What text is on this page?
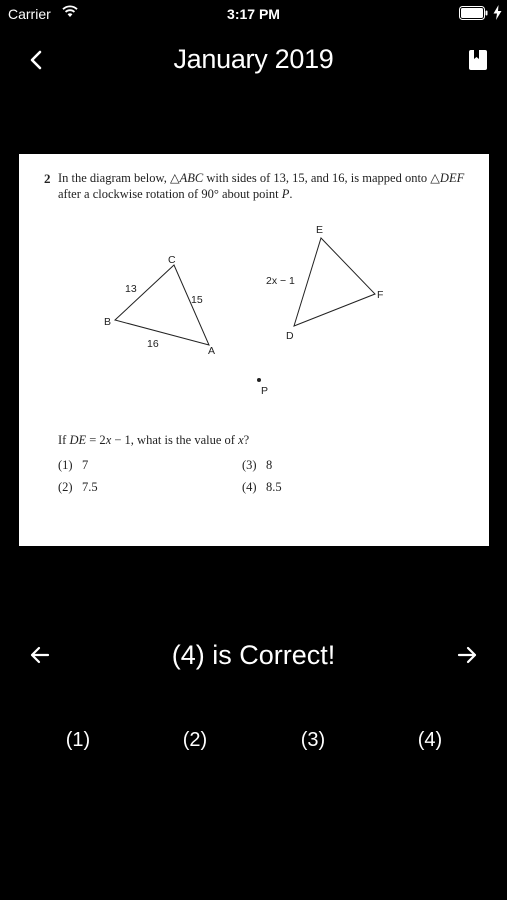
Carrier	3:17 PM
January 2019
2 In the diagram below, △ABC with sides of 13, 15, and 16, is mapped onto △DEF after a clockwise rotation of 90° about point P.
A
B
C
D
E
F
P
13
15
16
2x − 1
If DE = 2x − 1, what is the value of x?
(1) 7
(2) 7.5
(3) 8
(4) 8.5
(4) is Correct!
(1)	(2)	(3)	(4)
